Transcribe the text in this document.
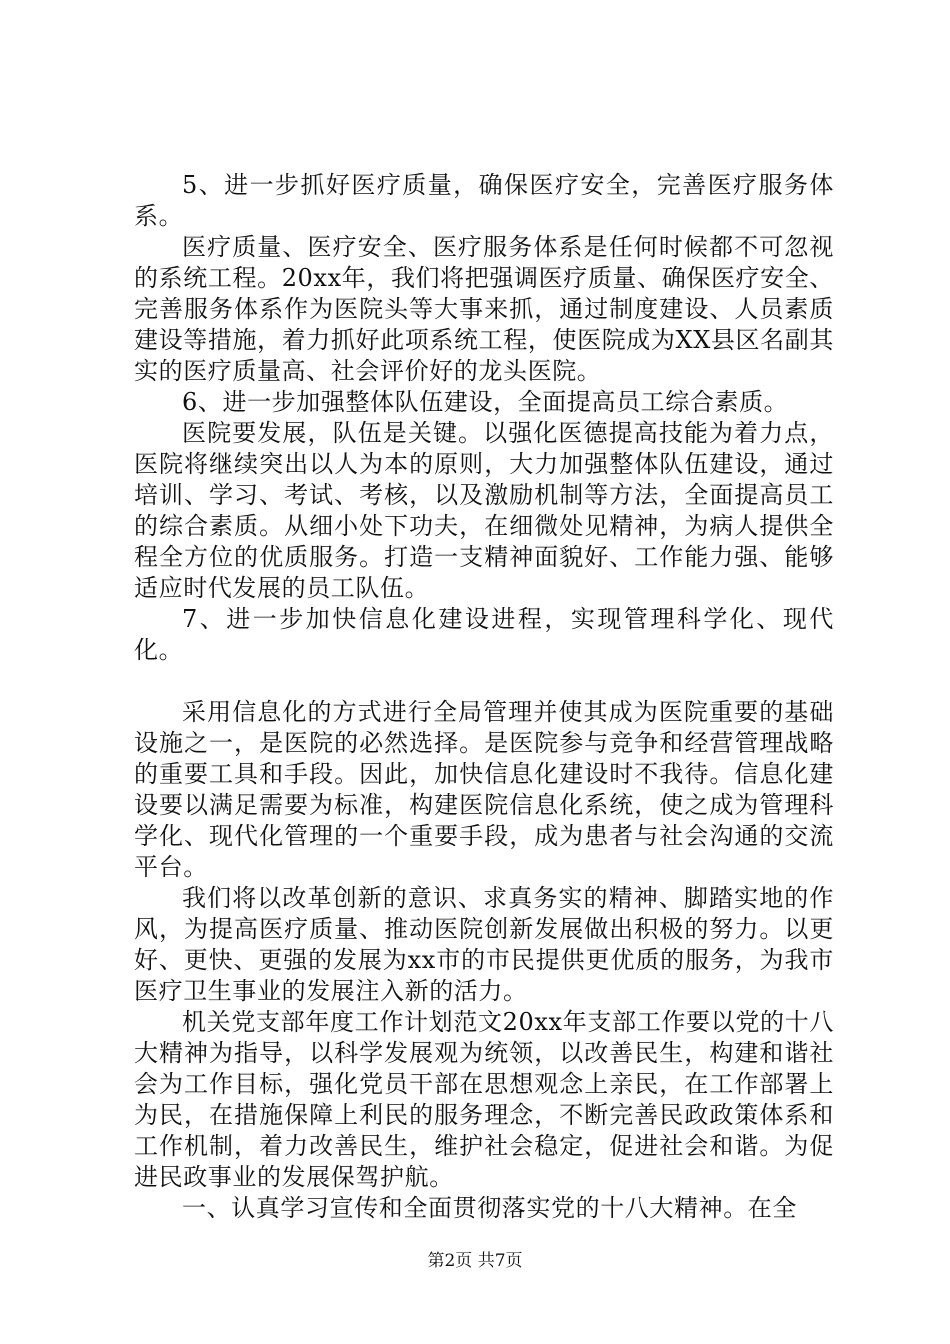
5、进一步抓好医疗质量，确保医疗安全，完善医疗服务体系。

医疗质量、医疗安全、医疗服务体系是任何时候都不可忽视的系统工程。20xx年，我们将把强调医疗质量、确保医疗安全、完善服务体系作为医院头等大事来抓，通过制度建设、人员素质建设等措施，着力抓好此项系统工程，使医院成为XX县区名副其实的医疗质量高、社会评价好的龙头医院。

6、进一步加强整体队伍建设，全面提高员工综合素质。

医院要发展，队伍是关键。以强化医德提高技能为着力点，医院将继续突出以人为本的原则，大力加强整体队伍建设，通过培训、学习、考试、考核，以及激励机制等方法，全面提高员工的综合素质。从细小处下功夫，在细微处见精神，为病人提供全程全方位的优质服务。打造一支精神面貌好、工作能力强、能够适应时代发展的员工队伍。

7、进一步加快信息化建设进程，实现管理科学化、现代化。

采用信息化的方式进行全局管理并使其成为医院重要的基础设施之一，是医院的必然选择。是医院参与竞争和经营管理战略的重要工具和手段。因此，加快信息化建设时不我待。信息化建设要以满足需要为标准，构建医院信息化系统，使之成为管理科学化、现代化管理的一个重要手段，成为患者与社会沟通的交流平台。

我们将以改革创新的意识、求真务实的精神、脚踏实地的作风，为提高医疗质量、推动医院创新发展做出积极的努力。以更好、更快、更强的发展为xx市的市民提供更优质的服务，为我市医疗卫生事业的发展注入新的活力。

机关党支部年度工作计划范文20xx年支部工作要以党的十八大精神为指导，以科学发展观为统领，以改善民生，构建和谐社会为工作目标，强化党员干部在思想观念上亲民，在工作部署上为民，在措施保障上利民的服务理念，不断完善民政政策体系和工作机制，着力改善民生，维护社会稳定，促进社会和谐。为促进民政事业的发展保驾护航。

一、认真学习宣传和全面贯彻落实党的十八大精神。在全

第2页 共7页
